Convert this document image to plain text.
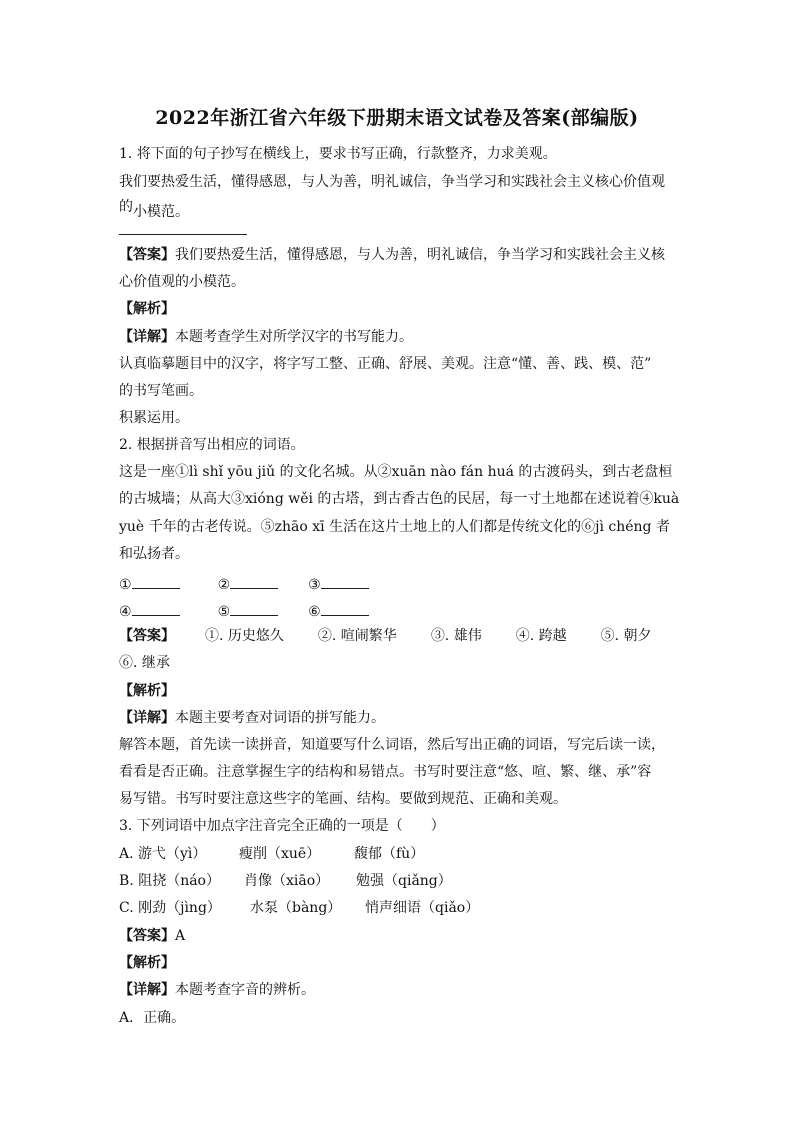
2022年浙江省六年级下册期末语文试卷及答案(部编版)
1. 将下面的句子抄写在横线上，要求书写正确，行款整齐，力求美观。
我们要热爱生活，懂得感恩，与人为善，明礼诚信，争当学习和实践社会主义核心价值观
的小模范。
【答案】我们要热爱生活，懂得感恩，与人为善，明礼诚信，争当学习和实践社会主义核
心价值观的小模范。
【解析】
【详解】本题考查学生对所学汉字的书写能力。
认真临摹题目中的汉字，将字写工整、正确、舒展、美观。注意“懂、善、践、模、范”
的书写笔画。
积累运用。
2. 根据拼音写出相应的词语。
这是一座①lì shǐ yōu jiǔ 的文化名城。从②xuān nào fán huá 的古渡码头，到古老盘桓
的古城墙；从高大③xióng wěi 的古塔，到古香古色的民居，每一寸土地都在述说着④kuà
yuè 千年的古老传说。⑤zhāo xī 生活在这片土地上的人们都是传统文化的⑥jì chéng 者
和弘扬者。
①	②	③
④	⑤	⑥
【答案】 ①. 历史悠久 ②. 喧闹繁华 ③. 雄伟 ④. 跨越 ⑤. 朝夕
⑥. 继承
【解析】
【详解】本题主要考查对词语的拼写能力。
解答本题，首先读一读拼音，知道要写什么词语，然后写出正确的词语，写完后读一读，
看看是否正确。注意掌握生字的结构和易错点。书写时要注意“悠、喧、繁、继、承”容
易写错。书写时要注意这些字的笔画、结构。要做到规范、正确和美观。
3. 下列词语中加点字注音完全正确的一项是（　　）
A. 游弋（yì） 瘦削（xuē） 馥郁（fù）
B. 阻挠（náo） 肖像（xiāo） 勉强（qiǎng）
C. 刚劲（jìng） 水泵（bàng） 悄声细语（qiǎo）
【答案】A
【解析】
【详解】本题考查字音的辨析。
A．正确。
